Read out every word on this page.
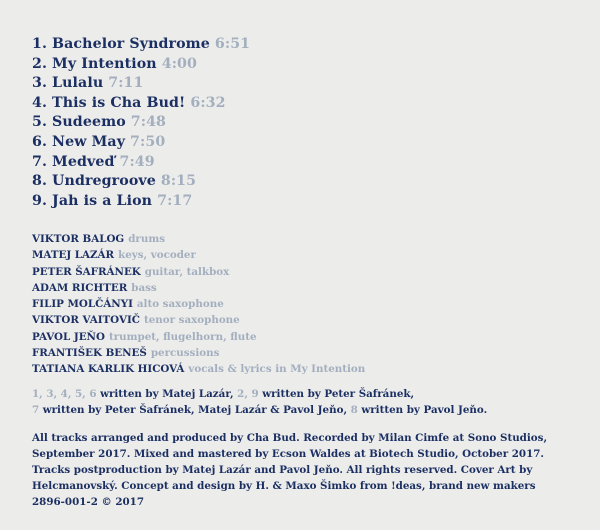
1. Bachelor Syndrome 6:51
2. My Intention 4:00
3. Lulalu 7:11
4. This is Cha Bud! 6:32
5. Sudeemo 7:48
6. New May 7:50
7. Medveď 7:49
8. Undregroove 8:15
9. Jah is a Lion 7:17
VIKTOR BALOG drums
MATEJ LAZÁR keys, vocoder
PETER ŠAFRÁNEK guitar, talkbox
ADAM RICHTER bass
FILIP MOLČÁNYI alto saxophone
VIKTOR VAITOVIČ tenor saxophone
PAVOL JEŇO trumpet, flugelhorn, flute
FRANTIŠEK BENEŠ percussions
TATIANA KARLIK HICOVÁ vocals & lyrics in My Intention
1, 3, 4, 5, 6 written by Matej Lazár, 2, 9 written by Peter Šafránek,
7 written by Peter Šafránek, Matej Lazár & Pavol Jeňo, 8 written by Pavol Jeňo.
All tracks arranged and produced by Cha Bud. Recorded by Milan Cimfe at Sono Studios,
September 2017. Mixed and mastered by Ecson Waldes at Biotech Studio, October 2017.
Tracks postproduction by Matej Lazár and Pavol Jeňo. All rights reserved. Cover Art by
Helcmanovský. Concept and design by H. & Maxo Šimko from !deas, brand new makers
2896-001-2 © 2017
